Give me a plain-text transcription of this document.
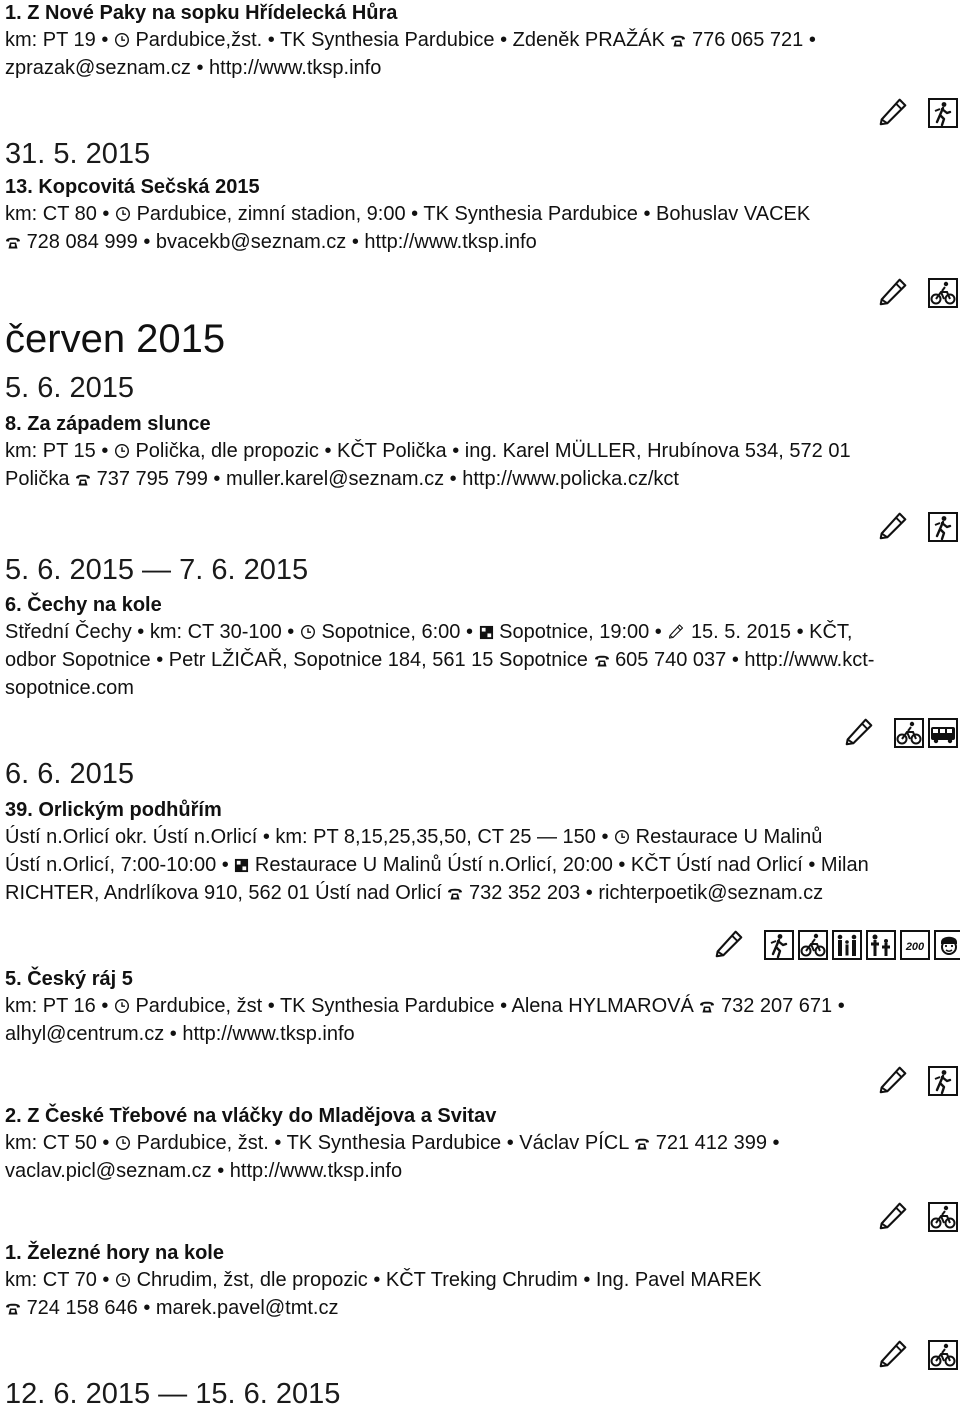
1. Z Nové Paky na sopku Hřídelecká Hůra
km: PT 19 • Pardubice,žst. • TK Synthesia Pardubice • Zdeněk PRAŽÁK 776 065 721 •
zprazak@seznam.cz • http://www.tksp.info
31. 5. 2015
13. Kopcovitá Sečská 2015
km: CT 80 • Pardubice, zimní stadion, 9:00 • TK Synthesia Pardubice • Bohuslav VACEK
728 084 999 • bvacekb@seznam.cz • http://www.tksp.info
červen 2015
5. 6. 2015
8. Za západem slunce
km: PT 15 • Polička, dle propozic • KČT Polička • ing. Karel MÜLLER, Hrubínova 534, 572 01
Polička 737 795 799 • muller.karel@seznam.cz • http://www.policka.cz/kct
5. 6. 2015 — 7. 6. 2015
6. Čechy na kole
Střední Čechy • km: CT 30-100 • Sopotnice, 6:00 • Sopotnice, 19:00 • 15. 5. 2015 • KČT,
odbor Sopotnice • Petr LŽIČAŘ, Sopotnice 184, 561 15 Sopotnice 605 740 037 • http://www.kct-
sopotnice.com
6. 6. 2015
39. Orlickým podhůřím
Ústí n.Orlicí okr. Ústí n.Orlicí • km: PT 8,15,25,35,50, CT 25 — 150 • Restaurace U Malinů
Ústí n.Orlicí, 7:00-10:00 • Restaurace U Malinů Ústí n.Orlicí, 20:00 • KČT Ústí nad Orlicí • Milan
RICHTER, Andrlíkova 910, 562 01 Ústí nad Orlicí 732 352 203 • richterpoetik@seznam.cz
200
5. Český ráj 5
km: PT 16 • Pardubice, žst • TK Synthesia Pardubice • Alena HYLMAROVÁ 732 207 671 •
alhyl@centrum.cz • http://www.tksp.info
2. Z České Třebové na vláčky do Mladějova a Svitav
km: CT 50 • Pardubice, žst. • TK Synthesia Pardubice • Václav PÍCL 721 412 399 •
vaclav.picl@seznam.cz • http://www.tksp.info
1. Železné hory na kole
km: CT 70 • Chrudim, žst, dle propozic • KČT Treking Chrudim • Ing. Pavel MAREK
724 158 646 • marek.pavel@tmt.cz
12. 6. 2015 — 15. 6. 2015
